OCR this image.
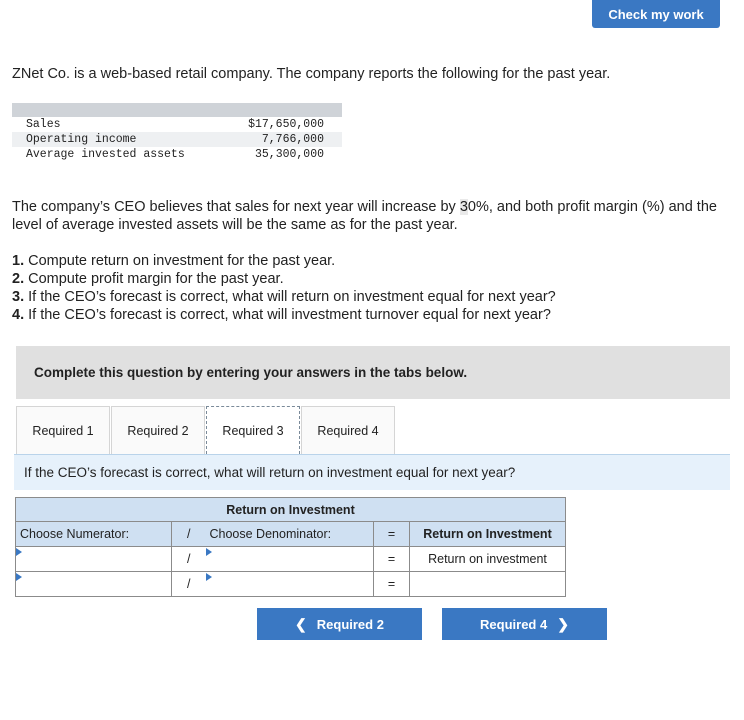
Check my work
ZNet Co. is a web-based retail company. The company reports the following for the past year.
Sales	$17,650,000
Operating income	7,766,000
Average invested assets	35,300,000
The company’s CEO believes that sales for next year will increase by 30%, and both profit margin (%) and the level of average invested assets will be the same as for the past year.
1. Compute return on investment for the past year.
2. Compute profit margin for the past year.
3. If the CEO’s forecast is correct, what will return on investment equal for next year?
4. If the CEO’s forecast is correct, what will investment turnover equal for next year?
Complete this question by entering your answers in the tabs below.
Required 1	Required 2	Required 3	Required 4
If the CEO’s forecast is correct, what will return on investment equal for next year?
Return on Investment				
Choose Numerator:	/	Choose Denominator:	=	Return on Investment

	/		=	Return on investment

	/		=	
❮ Required 2	Required 4 ❯
